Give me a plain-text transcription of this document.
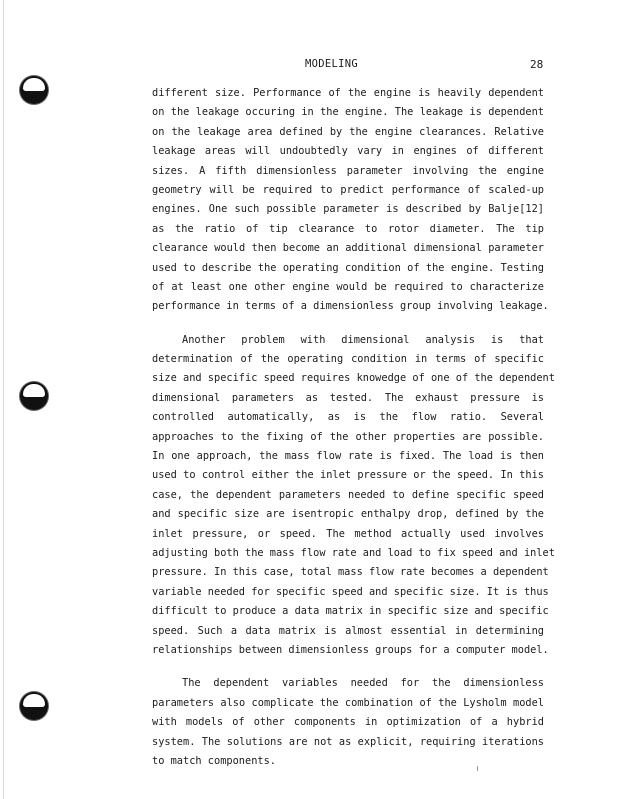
MODELING	28
different size. Performance of the engine is heavily dependent
on the leakage occuring in the engine. The leakage is dependent
on the leakage area defined by the engine clearances. Relative
leakage areas will undoubtedly vary in engines of different
sizes. A fifth dimensionless parameter involving the engine
geometry will be required to predict performance of scaled-up
engines. One such possible parameter is described by Balje[12]
as the ratio of tip clearance to rotor diameter. The tip
clearance would then become an additional dimensional parameter
used to describe the operating condition of the engine. Testing
of at least one other engine would be required to characterize
performance in terms of a dimensionless group involving leakage.
Another problem with dimensional analysis is that
determination of the operating condition in terms of specific
size and specific speed requires knowedge of one of the dependent
dimensional parameters as tested. The exhaust pressure is
controlled automatically, as is the flow ratio. Several
approaches to the fixing of the other properties are possible.
In one approach, the mass flow rate is fixed. The load is then
used to control either the inlet pressure or the speed. In this
case, the dependent parameters needed to define specific speed
and specific size are isentropic enthalpy drop, defined by the
inlet pressure, or speed. The method actually used involves
adjusting both the mass flow rate and load to fix speed and inlet
pressure. In this case, total mass flow rate becomes a dependent
variable needed for specific speed and specific size. It is thus
difficult to produce a data matrix in specific size and specific
speed. Such a data matrix is almost essential in determining
relationships between dimensionless groups for a computer model.
The dependent variables needed for the dimensionless
parameters also complicate the combination of the Lysholm model
with models of other components in optimization of a hybrid
system. The solutions are not as explicit, requiring iterations
to match components.
